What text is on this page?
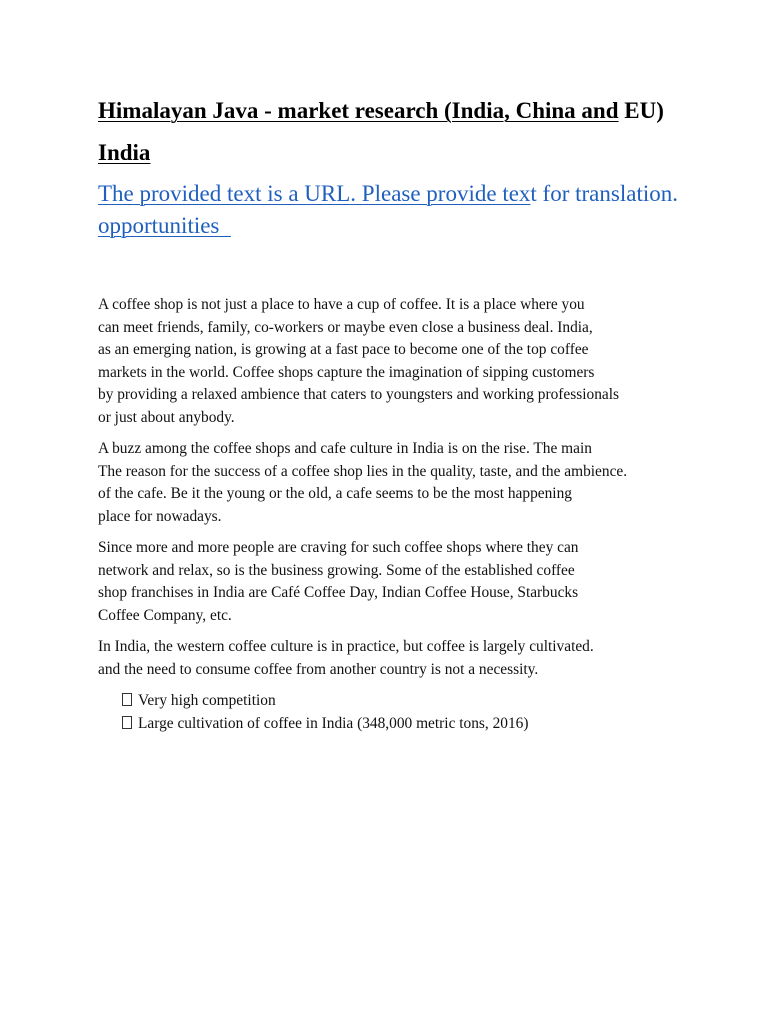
Himalayan Java - market research (India, China and EU)
India
The provided text is a URL. Please provide text for translation.
opportunities

A coffee shop is not just a place to have a cup of coffee. It is a place where you
can meet friends, family, co-workers or maybe even close a business deal. India,
as an emerging nation, is growing at a fast pace to become one of the top coffee
markets in the world. Coffee shops capture the imagination of sipping customers
by providing a relaxed ambience that caters to youngsters and working professionals
or just about anybody.

A buzz among the coffee shops and cafe culture in India is on the rise. The main
The reason for the success of a coffee shop lies in the quality, taste, and the ambience.
of the cafe. Be it the young or the old, a cafe seems to be the most happening
place for nowadays.

Since more and more people are craving for such coffee shops where they can
network and relax, so is the business growing. Some of the established coffee
shop franchises in India are Café Coffee Day, Indian Coffee House, Starbucks
Coffee Company, etc.

In India, the western coffee culture is in practice, but coffee is largely cultivated.
and the need to consume coffee from another country is not a necessity.

Very high competition
Large cultivation of coffee in India (348,000 metric tons, 2016)
